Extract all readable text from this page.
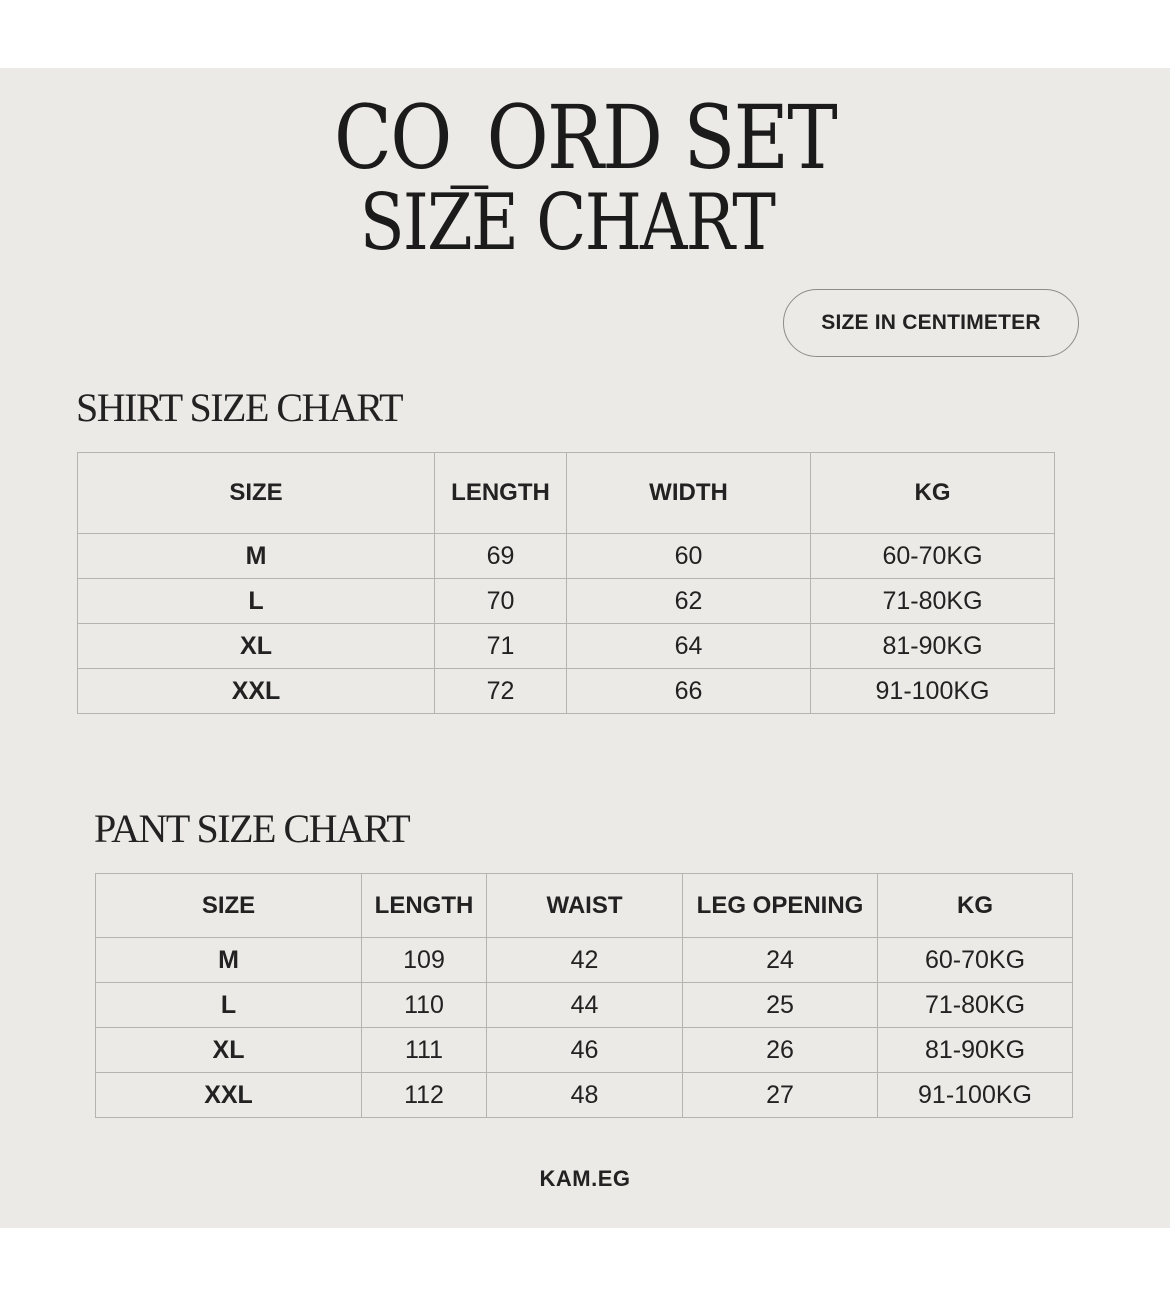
CO_ORD SET
SIZE CHART
SIZE IN CENTIMETER
SHIRT SIZE CHART
SIZE	LENGTH	WIDTH	KG
M	69	60	60-70KG
L	70	62	71-80KG
XL	71	64	81-90KG
XXL	72	66	91-100KG
PANT SIZE CHART
SIZE	LENGTH	WAIST	LEG OPENING	KG
M	109	42	24	60-70KG
L	110	44	25	71-80KG
XL	111	46	26	81-90KG
XXL	112	48	27	91-100KG
KAM.EG
